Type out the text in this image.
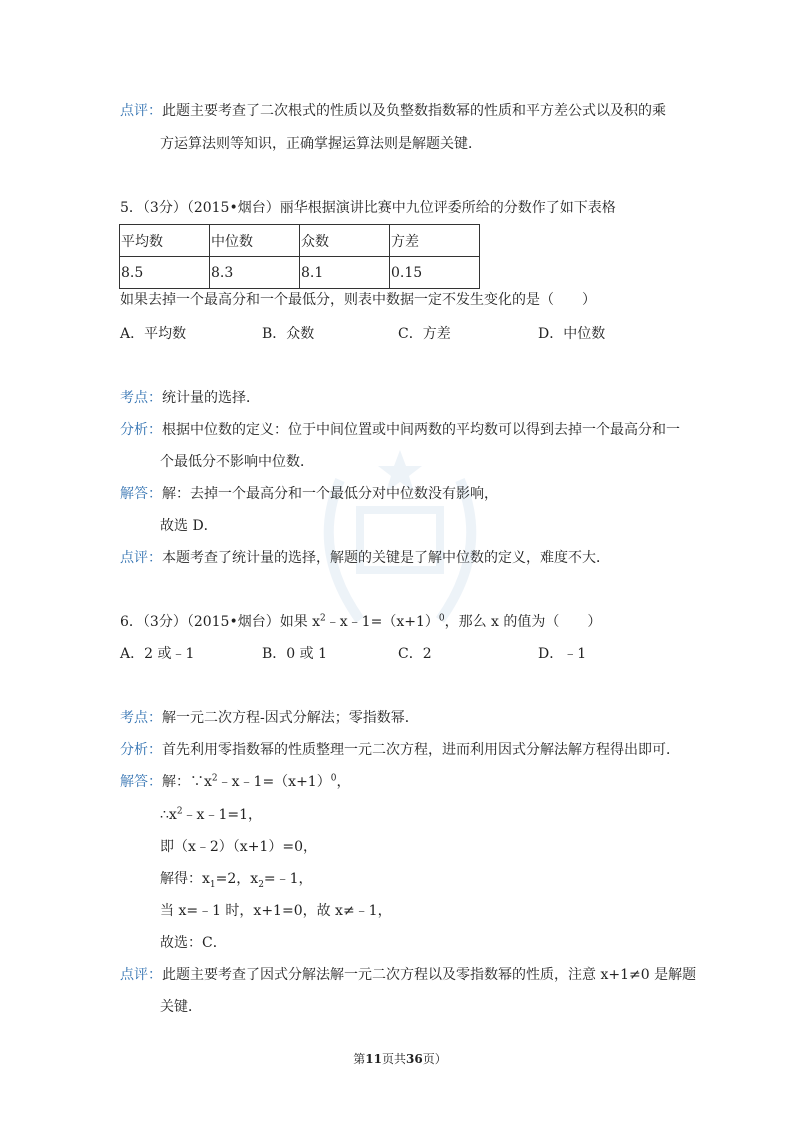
点评：此题主要考查了二次根式的性质以及负整数指数幂的性质和平方差公式以及积的乘
方运算法则等知识，正确掌握运算法则是解题关键．
5．（3分）（2015•烟台）丽华根据演讲比赛中九位评委所给的分数作了如下表格
平均数	中位数	众数	方差
8.5	8.3	8.1	0.15
如果去掉一个最高分和一个最低分，则表中数据一定不发生变化的是（　　）
A．平均数	B．众数	C．方差	D．中位数
考点：统计量的选择．
分析：根据中位数的定义：位于中间位置或中间两数的平均数可以得到去掉一个最高分和一
个最低分不影响中位数．
解答：解：去掉一个最高分和一个最低分对中位数没有影响，
故选 D．
点评：本题考查了统计量的选择，解题的关键是了解中位数的定义，难度不大．
6．（3分）（2015•烟台）如果 $x^2﹣x﹣1=(x+1)^0$，那么 x 的值为（　　）
A．2 或﹣1	B．0 或 1	C．2	D．﹣1
考点：解一元二次方程-因式分解法；零指数幂．
分析：首先利用零指数幂的性质整理一元二次方程，进而利用因式分解法解方程得出即可．
解答：解：$\because x^2﹣x﹣1=(x+1)^0$，
$\therefore x^2﹣x﹣1=1$，
即（x﹣2）（x+1）=0，
解得：$x_1=2$，$x_2=﹣1$，
当 x=﹣1 时，x+1=0，故 x≠﹣1，
故选：C．
点评：此题主要考查了因式分解法解一元二次方程以及零指数幂的性质，注意 x+1≠0 是解题
关键．
第11页共36页）
